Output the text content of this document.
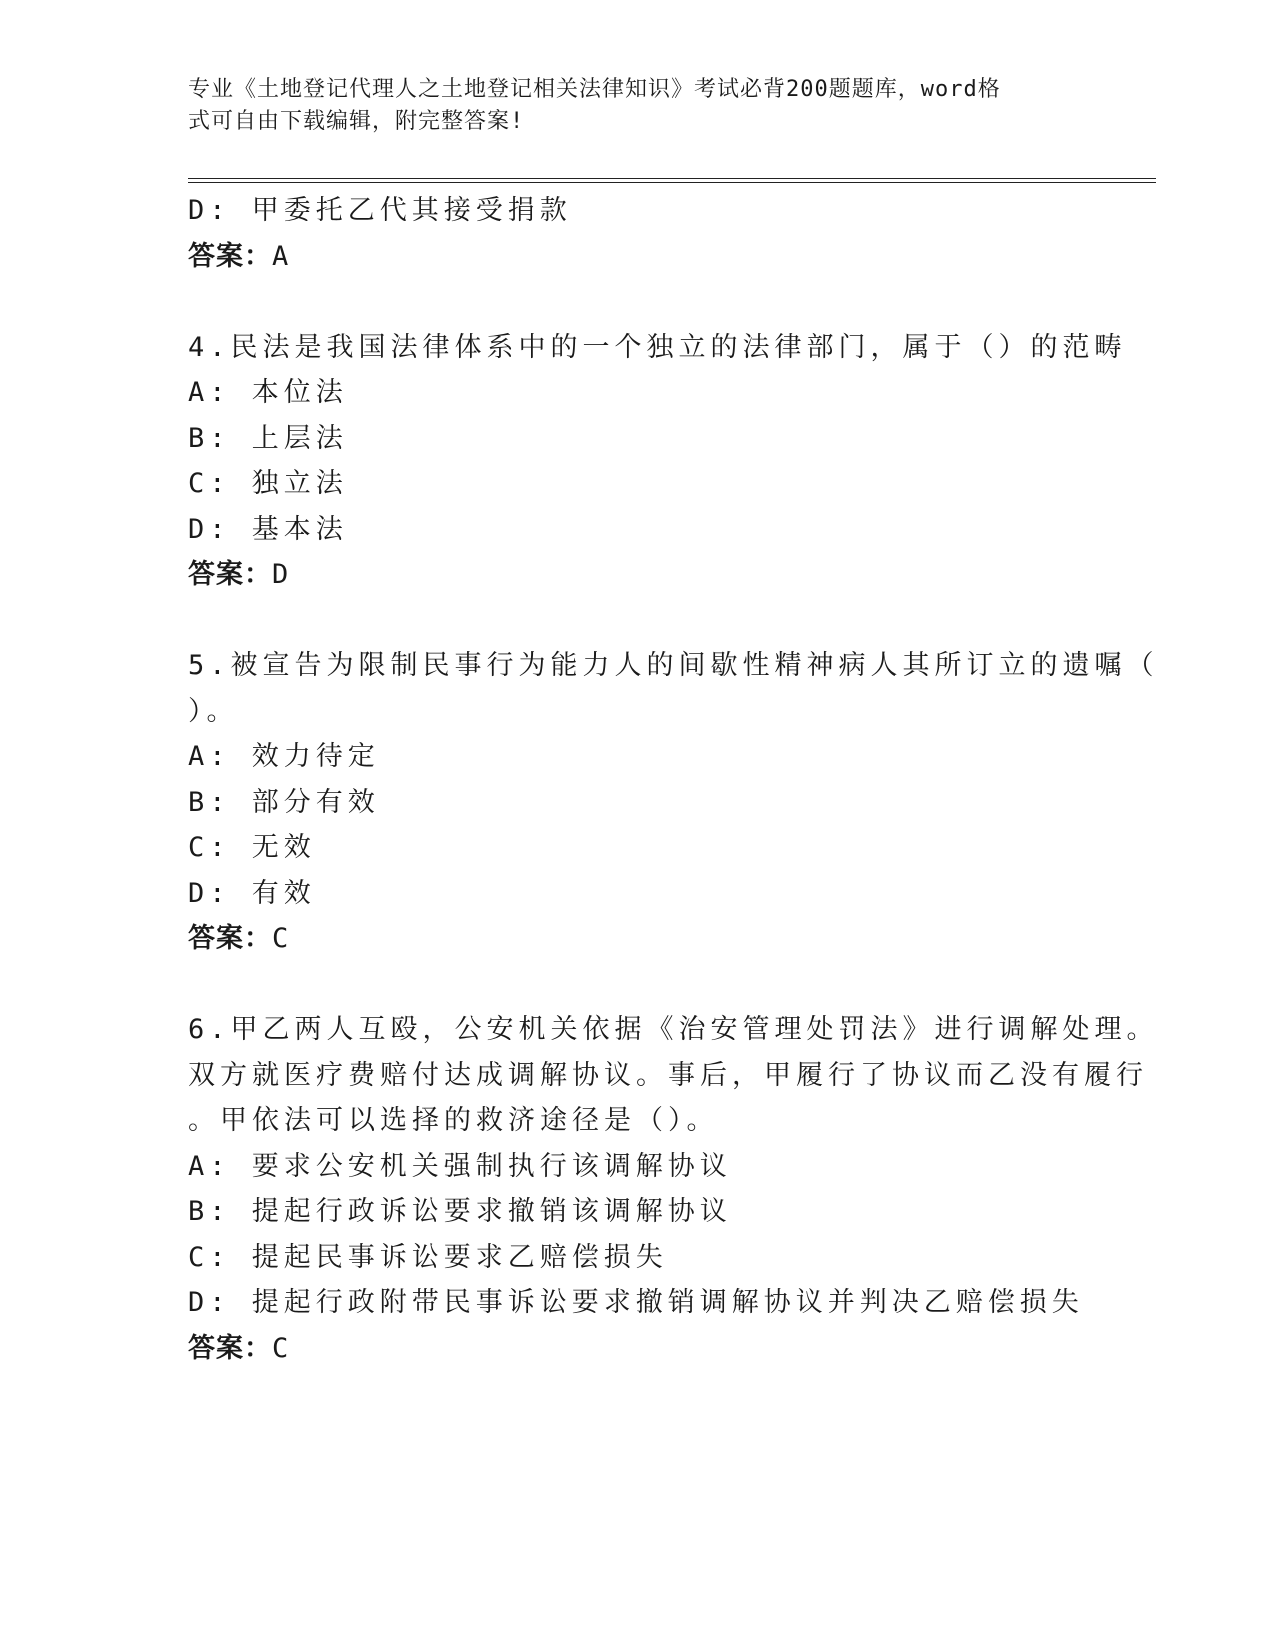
专业《土地登记代理人之土地登记相关法律知识》考试必背200题题库，word格
式可自由下载编辑，附完整答案!
D: 甲委托乙代其接受捐款
答案：A
4.民法是我国法律体系中的一个独立的法律部门，属于（）的范畴
A: 本位法
B: 上层法
C: 独立法
D: 基本法
答案：D
5.被宣告为限制民事行为能力人的间歇性精神病人其所订立的遗嘱（
）。
A: 效力待定
B: 部分有效
C: 无效
D: 有效
答案：C
6.甲乙两人互殴，公安机关依据《治安管理处罚法》进行调解处理。
双方就医疗费赔付达成调解协议。事后，甲履行了协议而乙没有履行
。甲依法可以选择的救济途径是（）。
A: 要求公安机关强制执行该调解协议
B: 提起行政诉讼要求撤销该调解协议
C: 提起民事诉讼要求乙赔偿损失
D: 提起行政附带民事诉讼要求撤销调解协议并判决乙赔偿损失
答案：C
